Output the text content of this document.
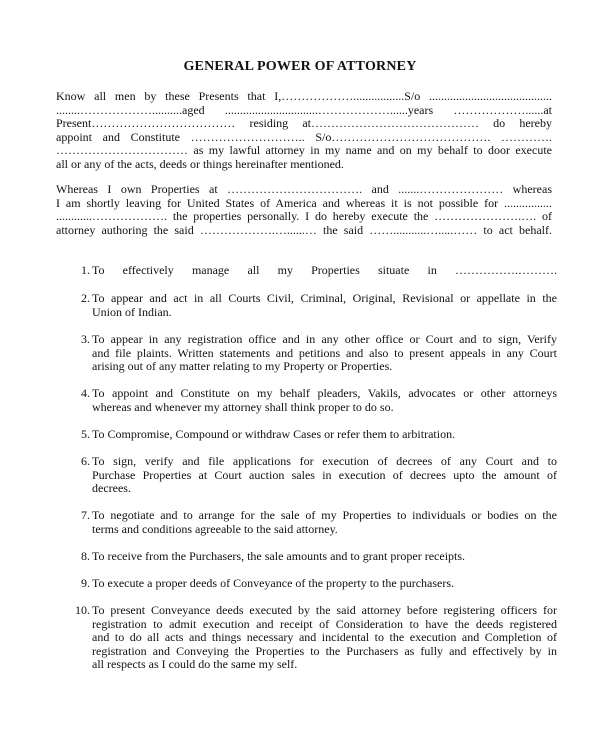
GENERAL POWER OF ATTORNEY
Know all men by these Presents that I,……………….................S/o .........................................
........………………..........aged ...............................………………......years ………………......at
Present……………………………… residing at…………………………………… do hereby
appoint and Constitute ……………………….. S/o…………………………………. ………….
…………………………… as my lawful attorney in my name and on my behalf to door execute
all or any of the acts, deeds or things hereinafter mentioned.
Whereas I own Properties at ……………………………. and .......………………… whereas
I am shortly leaving for United States of America and whereas it is not possible for ................
............………………. the properties personally. I do hereby execute the ………………….…. of
attorney authoring the said ……………….…......… the said ……...........….....…… to act behalf.
1. To effectively manage all my Properties situate in …………….……….
2. To appear and act in all Courts Civil, Criminal, Original, Revisional or appellate in the
Union of Indian.
3. To appear in any registration office and in any other office or Court and to sign, Verify
and file plaints. Written statements and petitions and also to present appeals in any Court
arising out of any matter relating to my Property or Properties.
4. To appoint and Constitute on my behalf pleaders, Vakils, advocates or other attorneys
whereas and whenever my attorney shall think proper to do so.
5. To Compromise, Compound or withdraw Cases or refer them to arbitration.
6. To sign, verify and file applications for execution of decrees of any Court and to
Purchase Properties at Court auction sales in execution of decrees upto the amount of
decrees.
7. To negotiate and to arrange for the sale of my Properties to individuals or bodies on the
terms and conditions agreeable to the said attorney.
8. To receive from the Purchasers, the sale amounts and to grant proper receipts.
9. To execute a proper deeds of Conveyance of the property to the purchasers.
10. To present Conveyance deeds executed by the said attorney before registering officers for
registration to admit execution and receipt of Consideration to have the deeds registered
and to do all acts and things necessary and incidental to the execution and Completion of
registration and Conveying the Properties to the Purchasers as fully and effectively by in
all respects as I could do the same my self.
